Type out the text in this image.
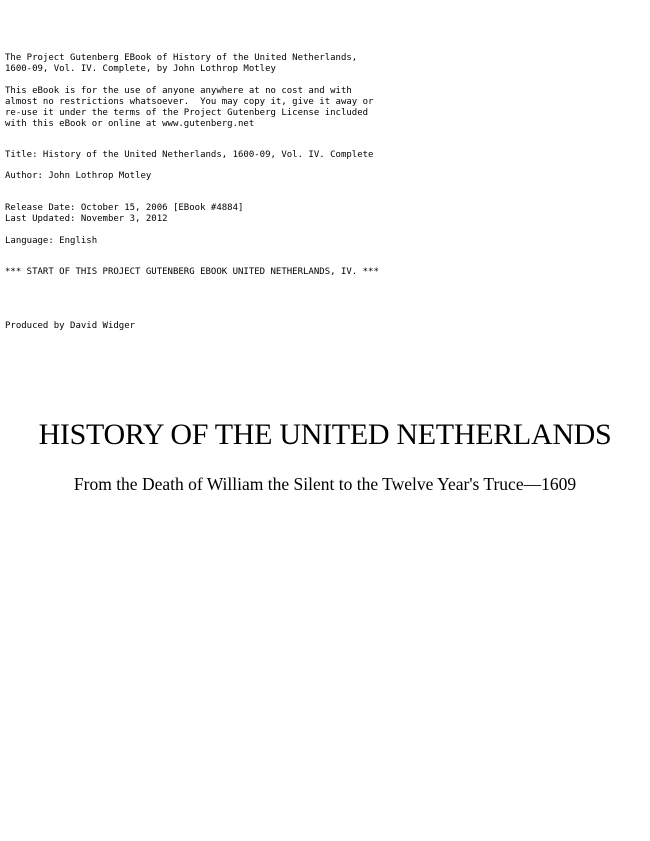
The Project Gutenberg EBook of History of the United Netherlands,
1600-09, Vol. IV. Complete, by John Lothrop Motley
This eBook is for the use of anyone anywhere at no cost and with
almost no restrictions whatsoever.  You may copy it, give it away or
re-use it under the terms of the Project Gutenberg License included
with this eBook or online at www.gutenberg.net
Title: History of the United Netherlands, 1600-09, Vol. IV. Complete
Author: John Lothrop Motley
Release Date: October 15, 2006 [EBook #4884]
Last Updated: November 3, 2012
Language: English
*** START OF THIS PROJECT GUTENBERG EBOOK UNITED NETHERLANDS, IV. ***
Produced by David Widger
HISTORY OF THE UNITED NETHERLANDS
From the Death of William the Silent to the Twelve Year's Truce—1609
